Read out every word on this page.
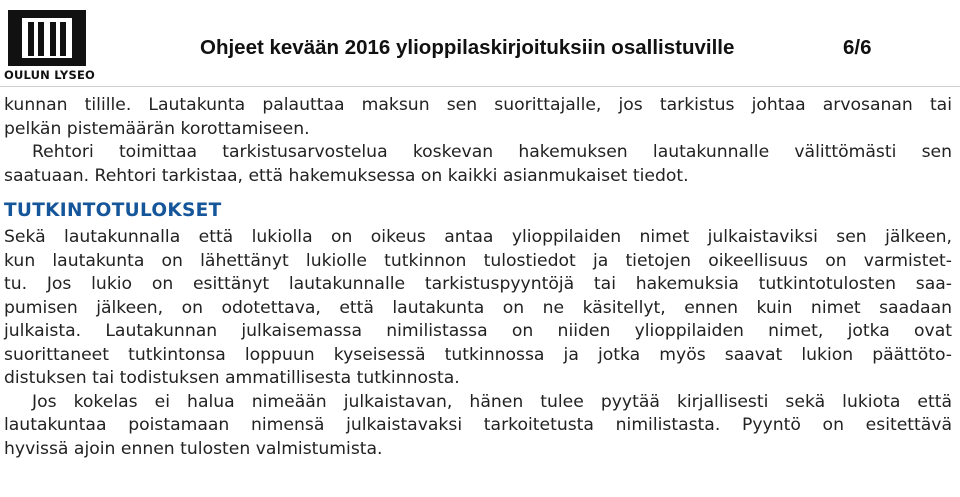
OULUN LYSEO
Ohjeet kevään 2016 ylioppilaskirjoituksiin osallistuville	6/6
kunnan tilille. Lautakunta palauttaa maksun sen suorittajalle, jos tarkistus johtaa arvosanan tai
pelkän pistemäärän korottamiseen.
Rehtori toimittaa tarkistusarvostelua koskevan hakemuksen lautakunnalle välittömästi sen
saatuaan. Rehtori tarkistaa, että hakemuksessa on kaikki asianmukaiset tiedot.
TUTKINTOTULOKSET
Sekä lautakunnalla että lukiolla on oikeus antaa ylioppilaiden nimet julkaistaviksi sen jälkeen,
kun lautakunta on lähettänyt lukiolle tutkinnon tulostiedot ja tietojen oikeellisuus on varmistet-
tu. Jos lukio on esittänyt lautakunnalle tarkistuspyyntöjä tai hakemuksia tutkintotulosten saa-
pumisen jälkeen, on odotettava, että lautakunta on ne käsitellyt, ennen kuin nimet saadaan
julkaista. Lautakunnan julkaisemassa nimilistassa on niiden ylioppilaiden nimet, jotka ovat
suorittaneet tutkintonsa loppuun kyseisessä tutkinnossa ja jotka myös saavat lukion päättöto-
distuksen tai todistuksen ammatillisesta tutkinnosta.
Jos kokelas ei halua nimeään julkaistavan, hänen tulee pyytää kirjallisesti sekä lukiota että
lautakuntaa poistamaan nimensä julkaistavaksi tarkoitetusta nimilistasta. Pyyntö on esitettävä
hyvissä ajoin ennen tulosten valmistumista.
